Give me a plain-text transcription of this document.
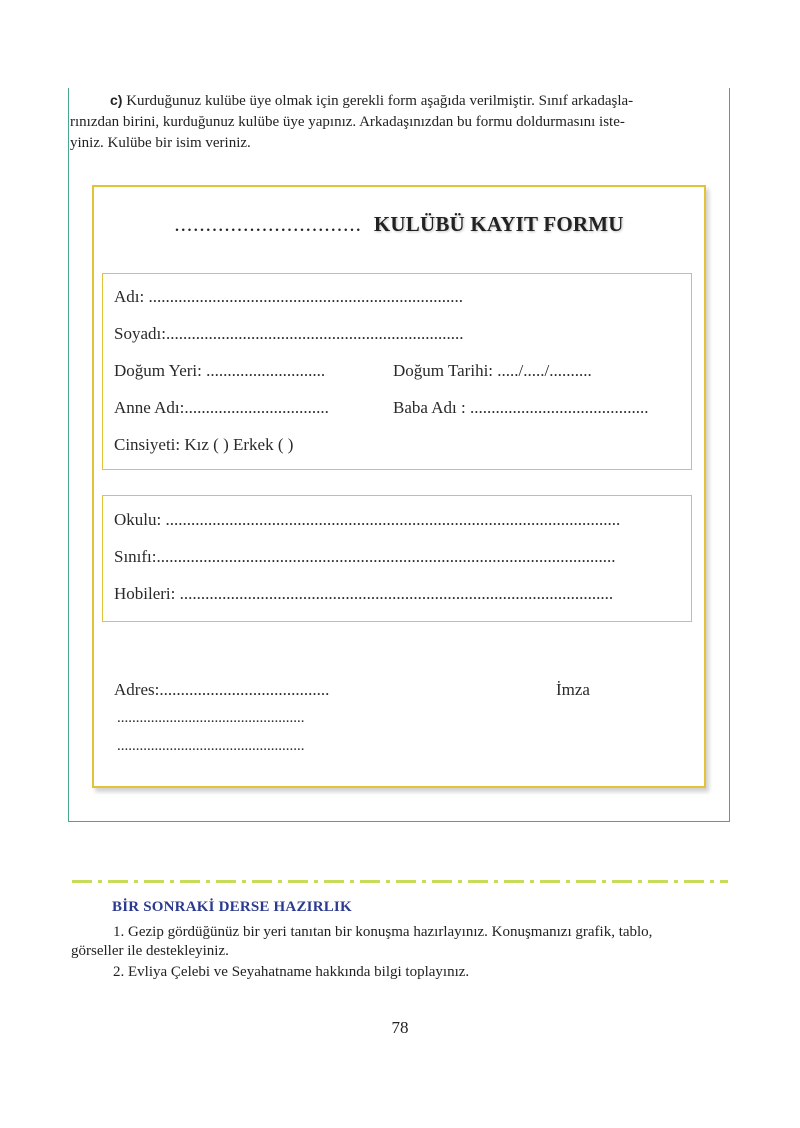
c) Kurduğunuz kulübe üye olmak için gerekli form aşağıda verilmiştir. Sınıf arkadaşla-
rınızdan birini, kurduğunuz kulübe üye yapınız. Arkadaşınızdan bu formu doldurmasını iste-
yiniz. Kulübe bir isim veriniz.
.............................. KULÜBÜ KAYIT FORMU
Adı: ..........................................................................
Soyadı:......................................................................
Doğum Yeri: ............................	Doğum Tarihi: ...../...../..........
Anne Adı:..................................	Baba Adı : ..........................................
Cinsiyeti: Kız ( ) Erkek ( )
Okulu: ...........................................................................................................
Sınıfı:............................................................................................................
Hobileri: ......................................................................................................
Adres:........................................
..................................................
..................................................
İmza
BİR SONRAKİ DERSE HAZIRLIK
1. Gezip gördüğünüz bir yeri tanıtan bir konuşma hazırlayınız. Konuşmanızı grafik, tablo,
görseller ile destekleyiniz.
2. Evliya Çelebi ve Seyahatname hakkında bilgi toplayınız.
78
